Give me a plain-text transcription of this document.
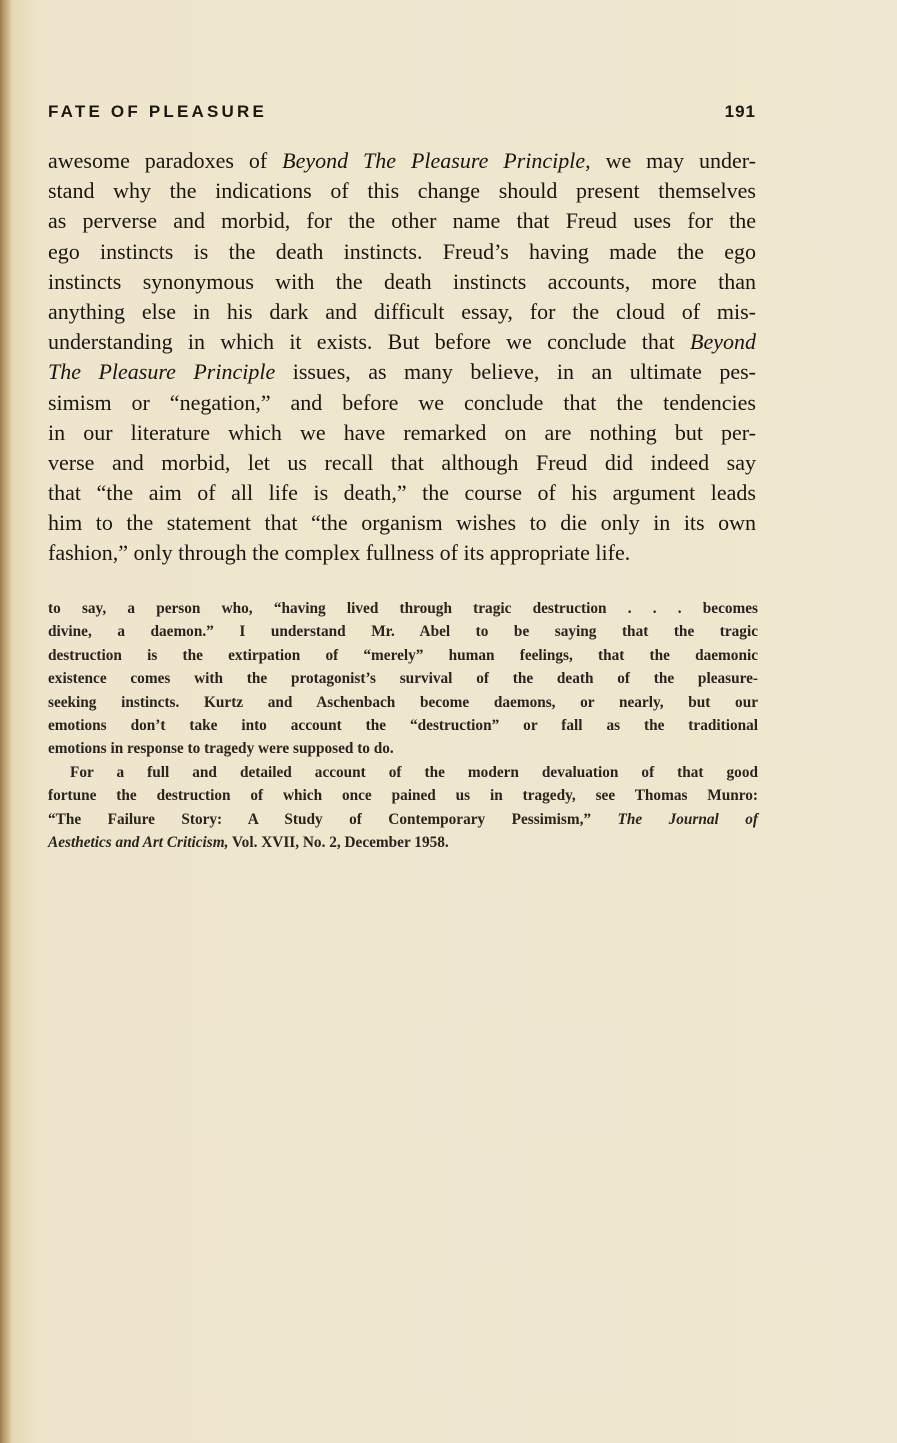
FATE OF PLEASURE	191
awesome paradoxes of Beyond The Pleasure Principle, we may under-
stand why the indications of this change should present themselves
as perverse and morbid, for the other name that Freud uses for the
ego instincts is the death instincts. Freud’s having made the ego
instincts synonymous with the death instincts accounts, more than
anything else in his dark and difficult essay, for the cloud of mis-
understanding in which it exists. But before we conclude that Beyond
The Pleasure Principle issues, as many believe, in an ultimate pes-
simism or “negation,” and before we conclude that the tendencies
in our literature which we have remarked on are nothing but per-
verse and morbid, let us recall that although Freud did indeed say
that “the aim of all life is death,” the course of his argument leads
him to the statement that “the organism wishes to die only in its own
fashion,” only through the complex fullness of its appropriate life.
to say, a person who, “having lived through tragic destruction . . . becomes
divine, a daemon.” I understand Mr. Abel to be saying that the tragic
destruction is the extirpation of “merely” human feelings, that the daemonic
existence comes with the protagonist’s survival of the death of the pleasure-
seeking instincts. Kurtz and Aschenbach become daemons, or nearly, but our
emotions don’t take into account the “destruction” or fall as the traditional
emotions in response to tragedy were supposed to do.
For a full and detailed account of the modern devaluation of that good
fortune the destruction of which once pained us in tragedy, see Thomas Munro:
“The Failure Story: A Study of Contemporary Pessimism,” The Journal of
Aesthetics and Art Criticism, Vol. XVII, No. 2, December 1958.
